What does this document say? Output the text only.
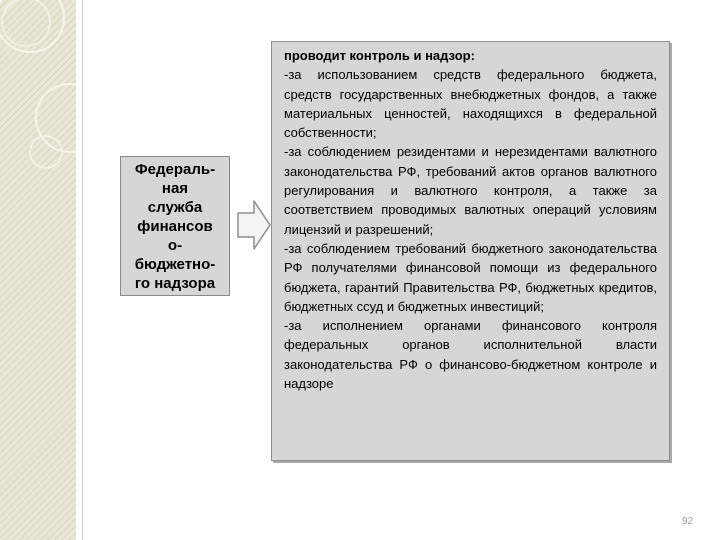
Федераль-
ная
служба
финансов
о-
бюджетно-
го надзора
проводит контроль и надзор:
-за использованием средств федерального бюджета, средств государственных внебюджетных фондов, а также материальных ценностей, находящихся в федеральной собственности;
-за соблюдением резидентами и нерезидентами валютного законодательства РФ, требований актов органов валютного регулирования и валютного контроля, а также за соответствием проводимых валютных операций условиям лицензий и разрешений;
-за соблюдением требований бюджетного законодательства РФ получателями финансовой помощи из федерального бюджета, гарантий Правительства РФ, бюджетных кредитов, бюджетных ссуд и бюджетных инвестиций;
-за исполнением органами финансового контроля федеральных органов исполнительной власти законодательства РФ о финансово-бюджетном контроле и надзоре
92
